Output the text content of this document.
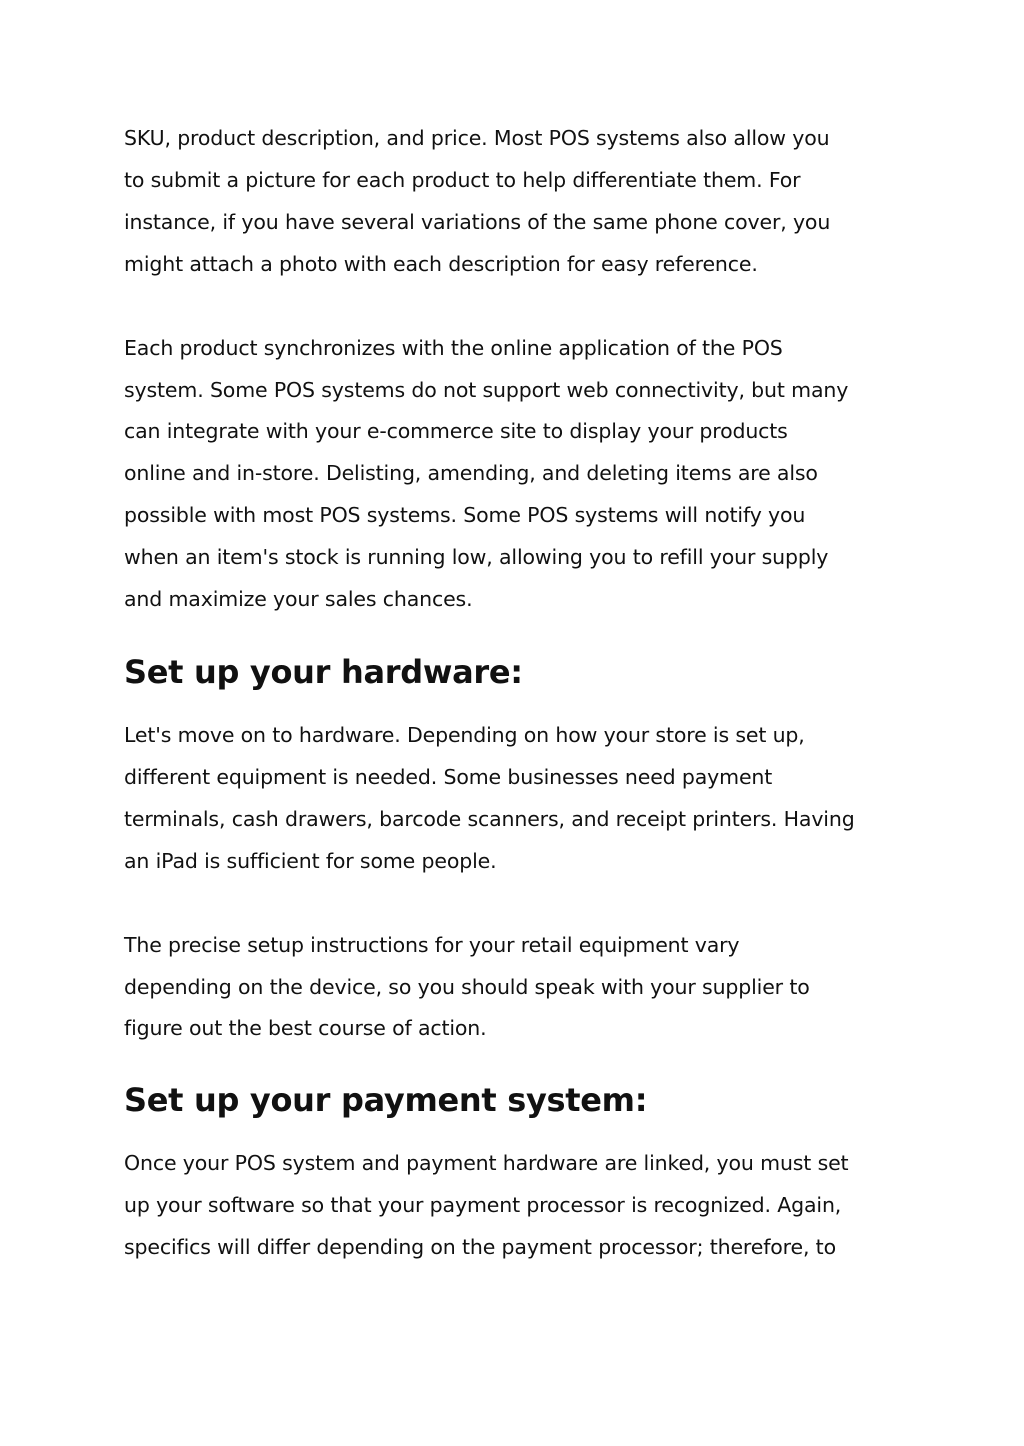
SKU, product description, and price. Most POS systems also allow you
to submit a picture for each product to help differentiate them. For
instance, if you have several variations of the same phone cover, you
might attach a photo with each description for easy reference.

Each product synchronizes with the online application of the POS
system. Some POS systems do not support web connectivity, but many
can integrate with your e-commerce site to display your products
online and in-store. Delisting, amending, and deleting items are also
possible with most POS systems. Some POS systems will notify you
when an item's stock is running low, allowing you to refill your supply
and maximize your sales chances.

Set up your hardware:

Let's move on to hardware. Depending on how your store is set up,
different equipment is needed. Some businesses need payment
terminals, cash drawers, barcode scanners, and receipt printers. Having
an iPad is sufficient for some people.

The precise setup instructions for your retail equipment vary
depending on the device, so you should speak with your supplier to
figure out the best course of action.

Set up your payment system:

Once your POS system and payment hardware are linked, you must set
up your software so that your payment processor is recognized. Again,
specifics will differ depending on the payment processor; therefore, to
